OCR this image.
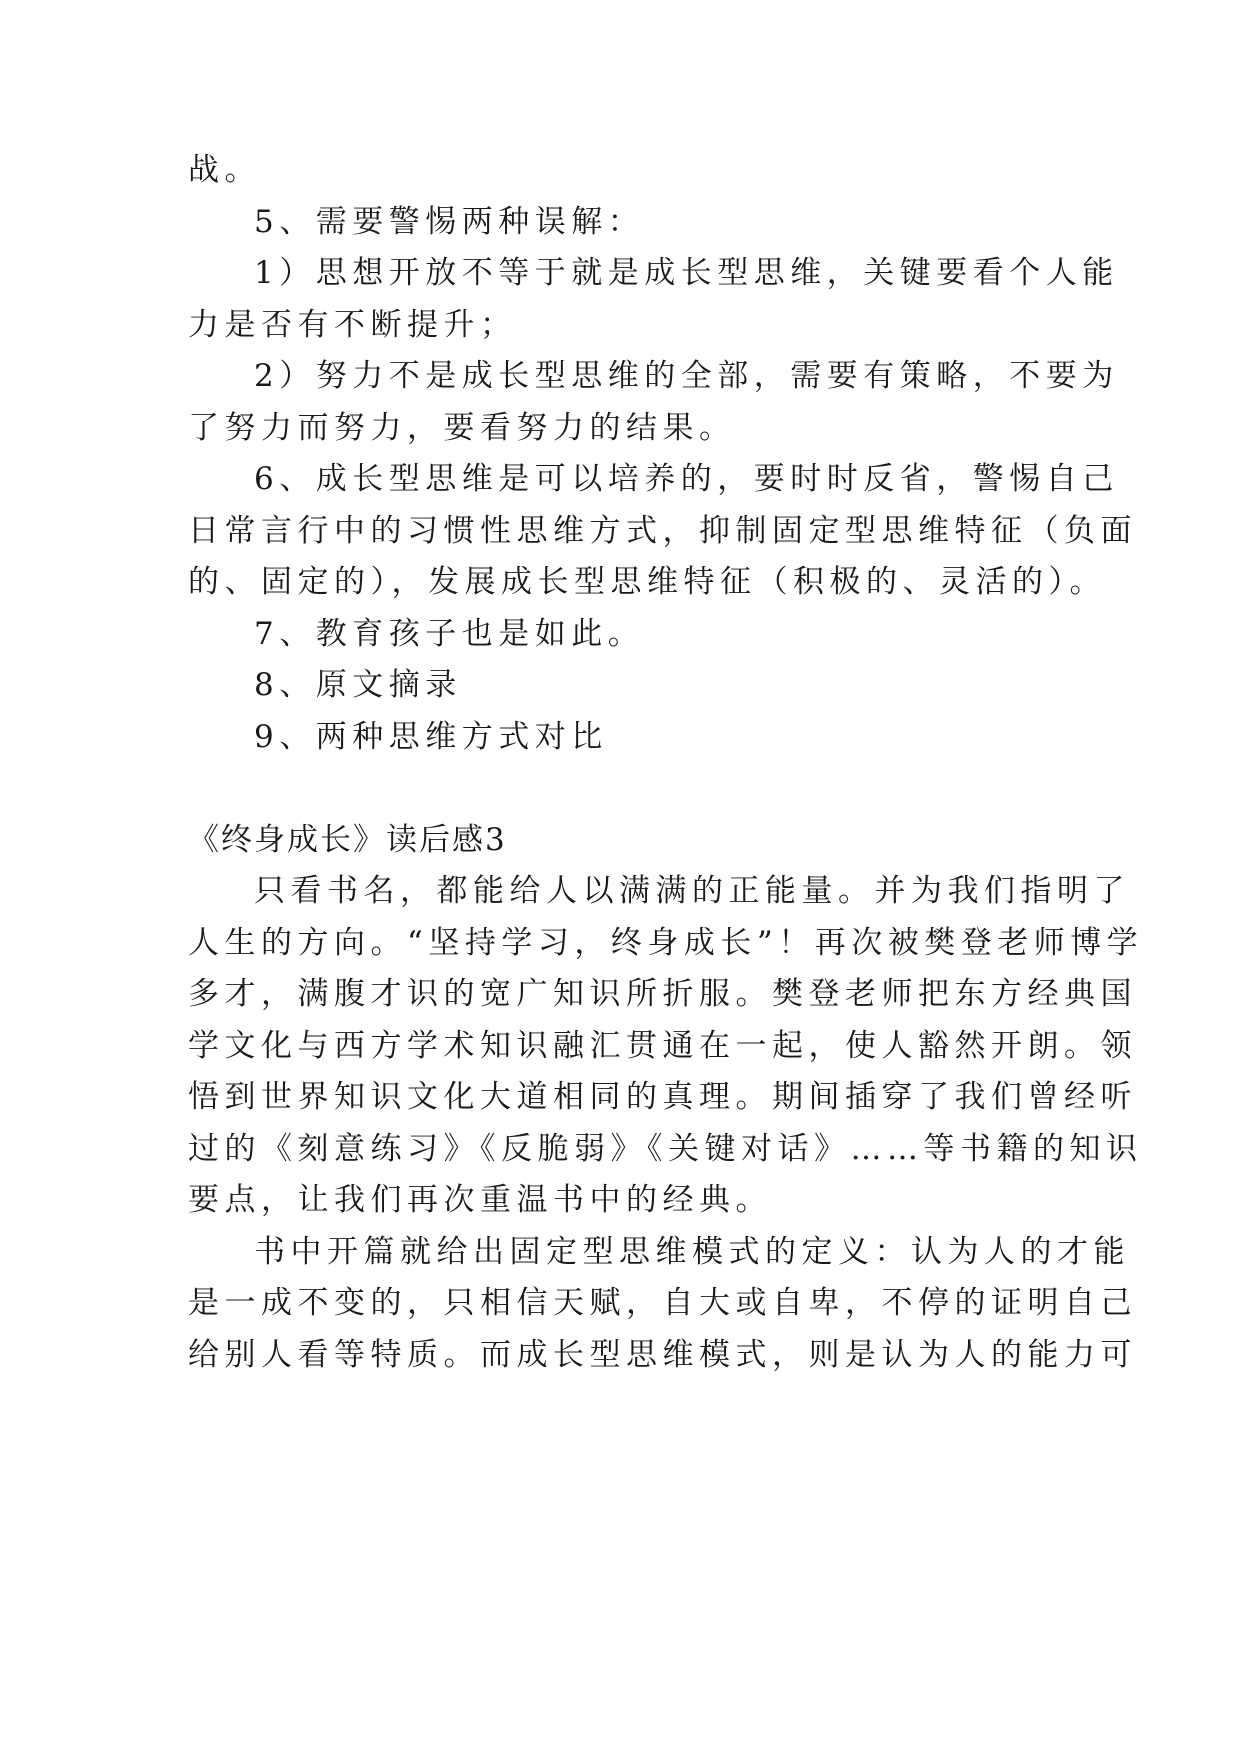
战。
5、需要警惕两种误解：
1）思想开放不等于就是成长型思维，关键要看个人能
力是否有不断提升；
2）努力不是成长型思维的全部，需要有策略，不要为
了努力而努力，要看努力的结果。
6、成长型思维是可以培养的，要时时反省，警惕自己
日常言行中的习惯性思维方式，抑制固定型思维特征（负面
的、固定的），发展成长型思维特征（积极的、灵活的）。
7、教育孩子也是如此。
8、原文摘录
9、两种思维方式对比
《终身成长》读后感3
只看书名，都能给人以满满的正能量。并为我们指明了
人生的方向。“坚持学习，终身成长”！再次被樊登老师博学
多才，满腹才识的宽广知识所折服。樊登老师把东方经典国
学文化与西方学术知识融汇贯通在一起，使人豁然开朗。领
悟到世界知识文化大道相同的真理。期间插穿了我们曾经听
过的《刻意练习》《反脆弱》《关键对话》……等书籍的知识
要点，让我们再次重温书中的经典。
书中开篇就给出固定型思维模式的定义：认为人的才能
是一成不变的，只相信天赋，自大或自卑，不停的证明自己
给别人看等特质。而成长型思维模式，则是认为人的能力可
